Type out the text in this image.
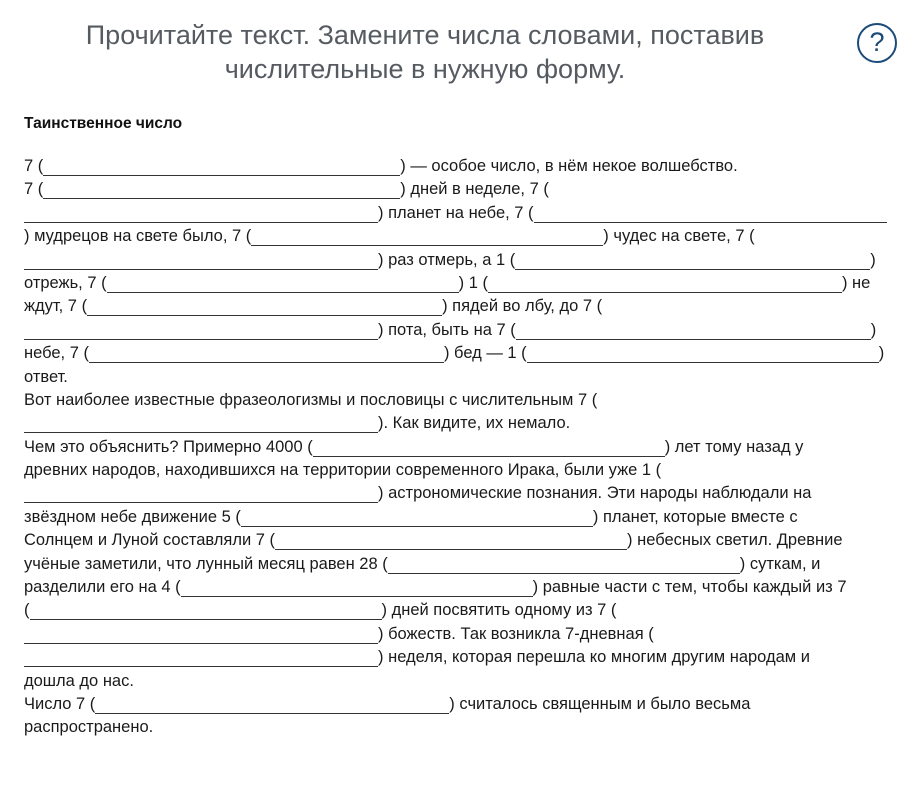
Прочитайте текст. Замените числа словами, поставив
числительные в нужную форму.
?
Таинственное число
7 (	) — особое число, в нём некое волшебство.
7 (	) дней в неделе, 7 (
) планет на небе, 7 (
) мудрецов на свете было, 7 (	) чудес на свете, 7 (
) раз отмерь, а 1 (	)
отрежь, 7 (	) 1 (	) не
ждут, 7 (	) пядей во лбу, до 7 (
) пота, быть на 7 (	)
небе, 7 (	) бед — 1 (	)
ответ.
Вот наиболее известные фразеологизмы и пословицы с числительным 7 (
). Как видите, их немало.
Чем это объяснить? Примерно 4000 (	) лет тому назад у
древних народов, находившихся на территории современного Ирака, были уже 1 (
) астрономические познания. Эти народы наблюдали на
звёздном небе движение 5 (	) планет, которые вместе с
Солнцем и Луной составляли 7 (	) небесных светил. Древние
учёные заметили, что лунный месяц равен 28 (	) суткам, и
разделили его на 4 (	) равные части с тем, чтобы каждый из 7
(	) дней посвятить одному из 7 (
) божеств. Так возникла 7-дневная (
) неделя, которая перешла ко многим другим народам и
дошла до нас.
Число 7 (	) считалось священным и было весьма
распространено.
